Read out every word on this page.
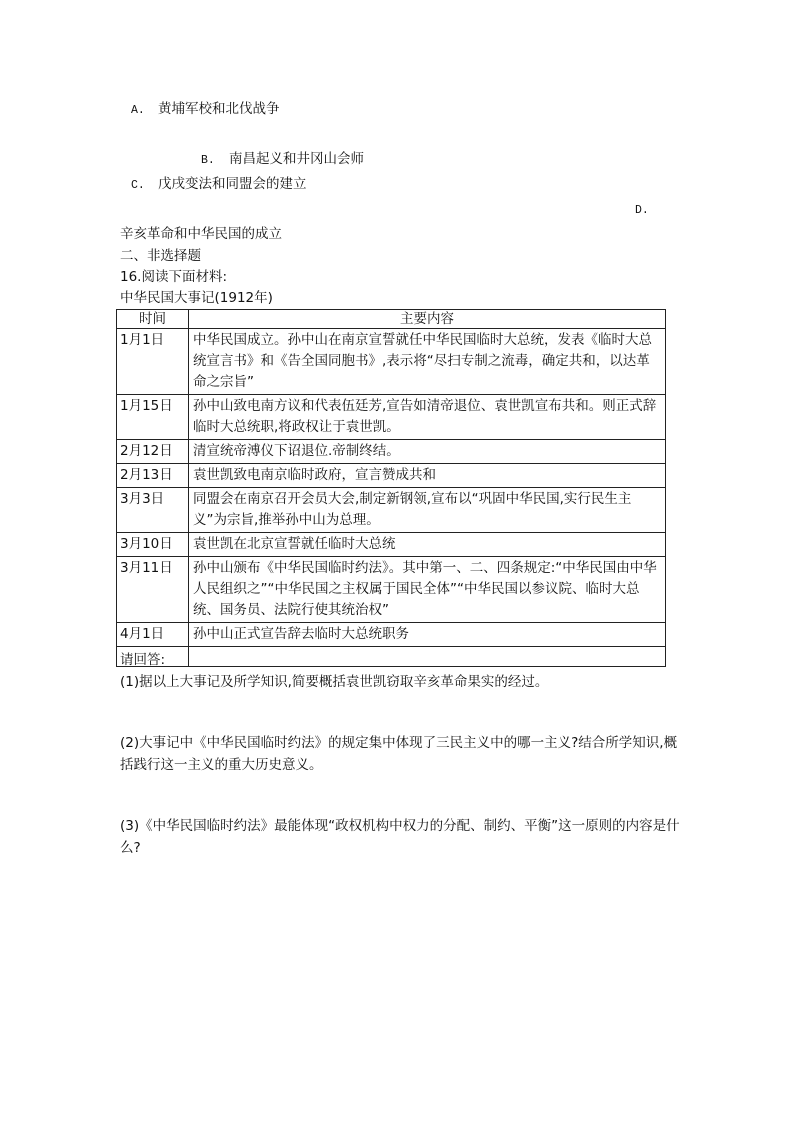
A. 黄埔军校和北伐战争
B. 南昌起义和井冈山会师
C. 戊戌变法和同盟会的建立
D.
辛亥革命和中华民国的成立
二、非选择题
16.阅读下面材料:
中华民国大事记(1912年)
时间	主要内容
1月1日	中华民国成立。孙中山在南京宣誓就任中华民国临时大总统，发表《临时大总统宣言书》和《告全国同胞书》,表示将“尽扫专制之流毒，确定共和，以达革命之宗旨”
1月15日	孙中山致电南方议和代表伍廷芳,宣告如清帝退位、袁世凯宣布共和。则正式辞临时大总统职,将政权让于袁世凯。
2月12日	清宣统帝溥仪下诏退位.帝制终结。
2月13日	袁世凯致电南京临时政府，宣言赞成共和
3月3日	同盟会在南京召开会员大会,制定新钢领,宣布以“巩固中华民国,实行民生主义”为宗旨,推举孙中山为总理。
3月10日	袁世凯在北京宣誓就任临时大总统
3月11日	孙中山颁布《中华民国临时约法》。其中第一、二、四条规定:“中华民国由中华人民组织之”“中华民国之主权属于国民全体”“中华民国以参议院、临时大总统、国务员、法院行使其统治权”
4月1日	孙中山正式宣告辞去临时大总统职务

请回答:
(1)据以上大事记及所学知识,简要概括袁世凯窃取辛亥革命果实的经过。
(2)大事记中《中华民国临时约法》的规定集中体现了三民主义中的哪一主义?结合所学知识,概括践行这一主义的重大历史意义。
(3)《中华民国临时约法》最能体现“政权机构中权力的分配、制约、平衡”这一原则的内容是什么?
